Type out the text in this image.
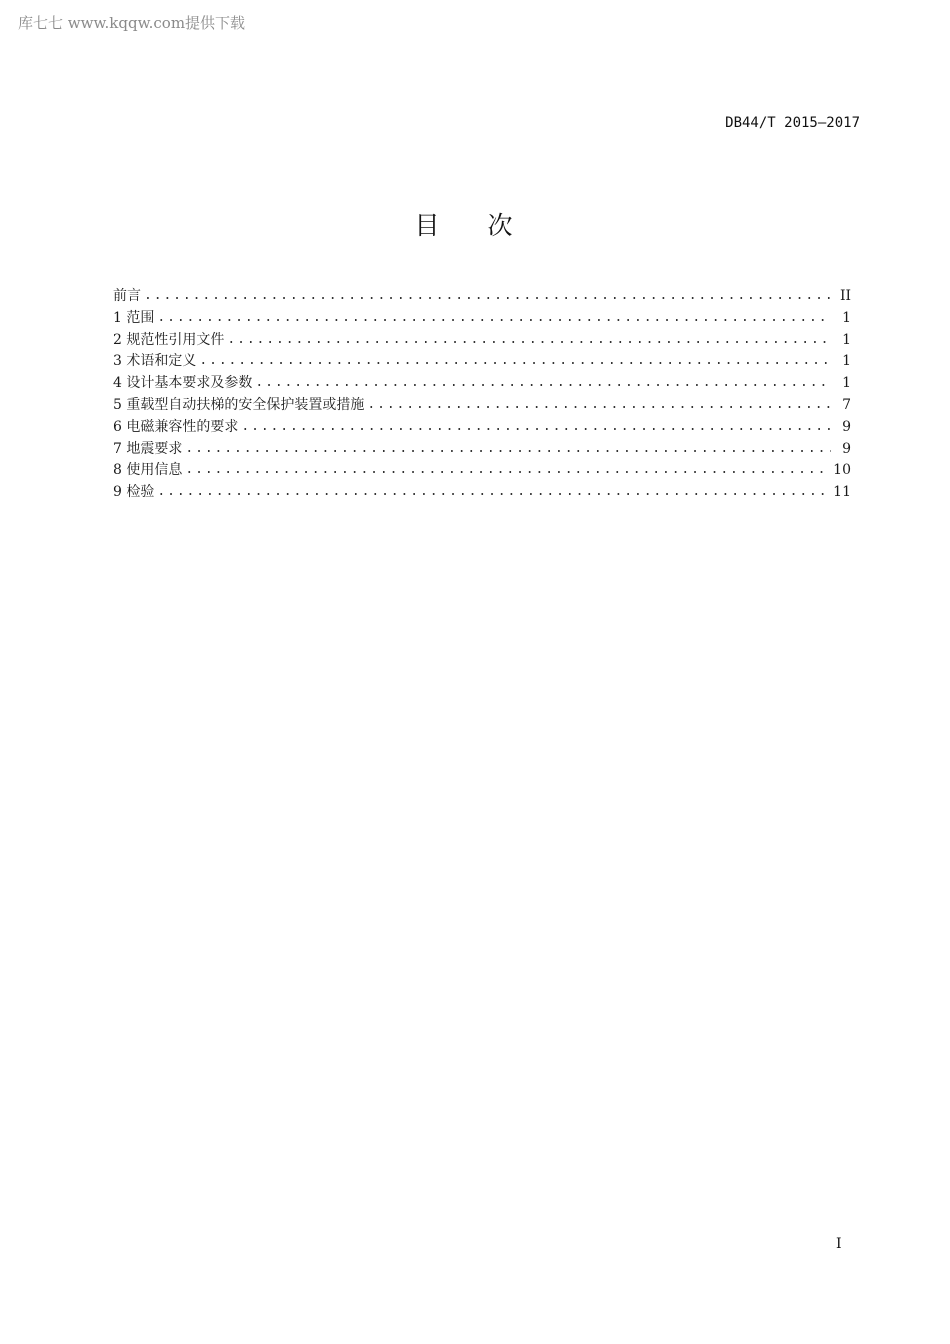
库七七 www.kqqw.com提供下载
DB44/T 2015—2017
目次
前言 .....	II
1 范围 .....	1
2 规范性引用文件 .....	1
3 术语和定义 .....	1
4 设计基本要求及参数 .....	1
5 重载型自动扶梯的安全保护装置或措施 .....	7
6 电磁兼容性的要求 .....	9
7 地震要求 .....	9
8 使用信息 .....	10
9 检验 .....	11
I
